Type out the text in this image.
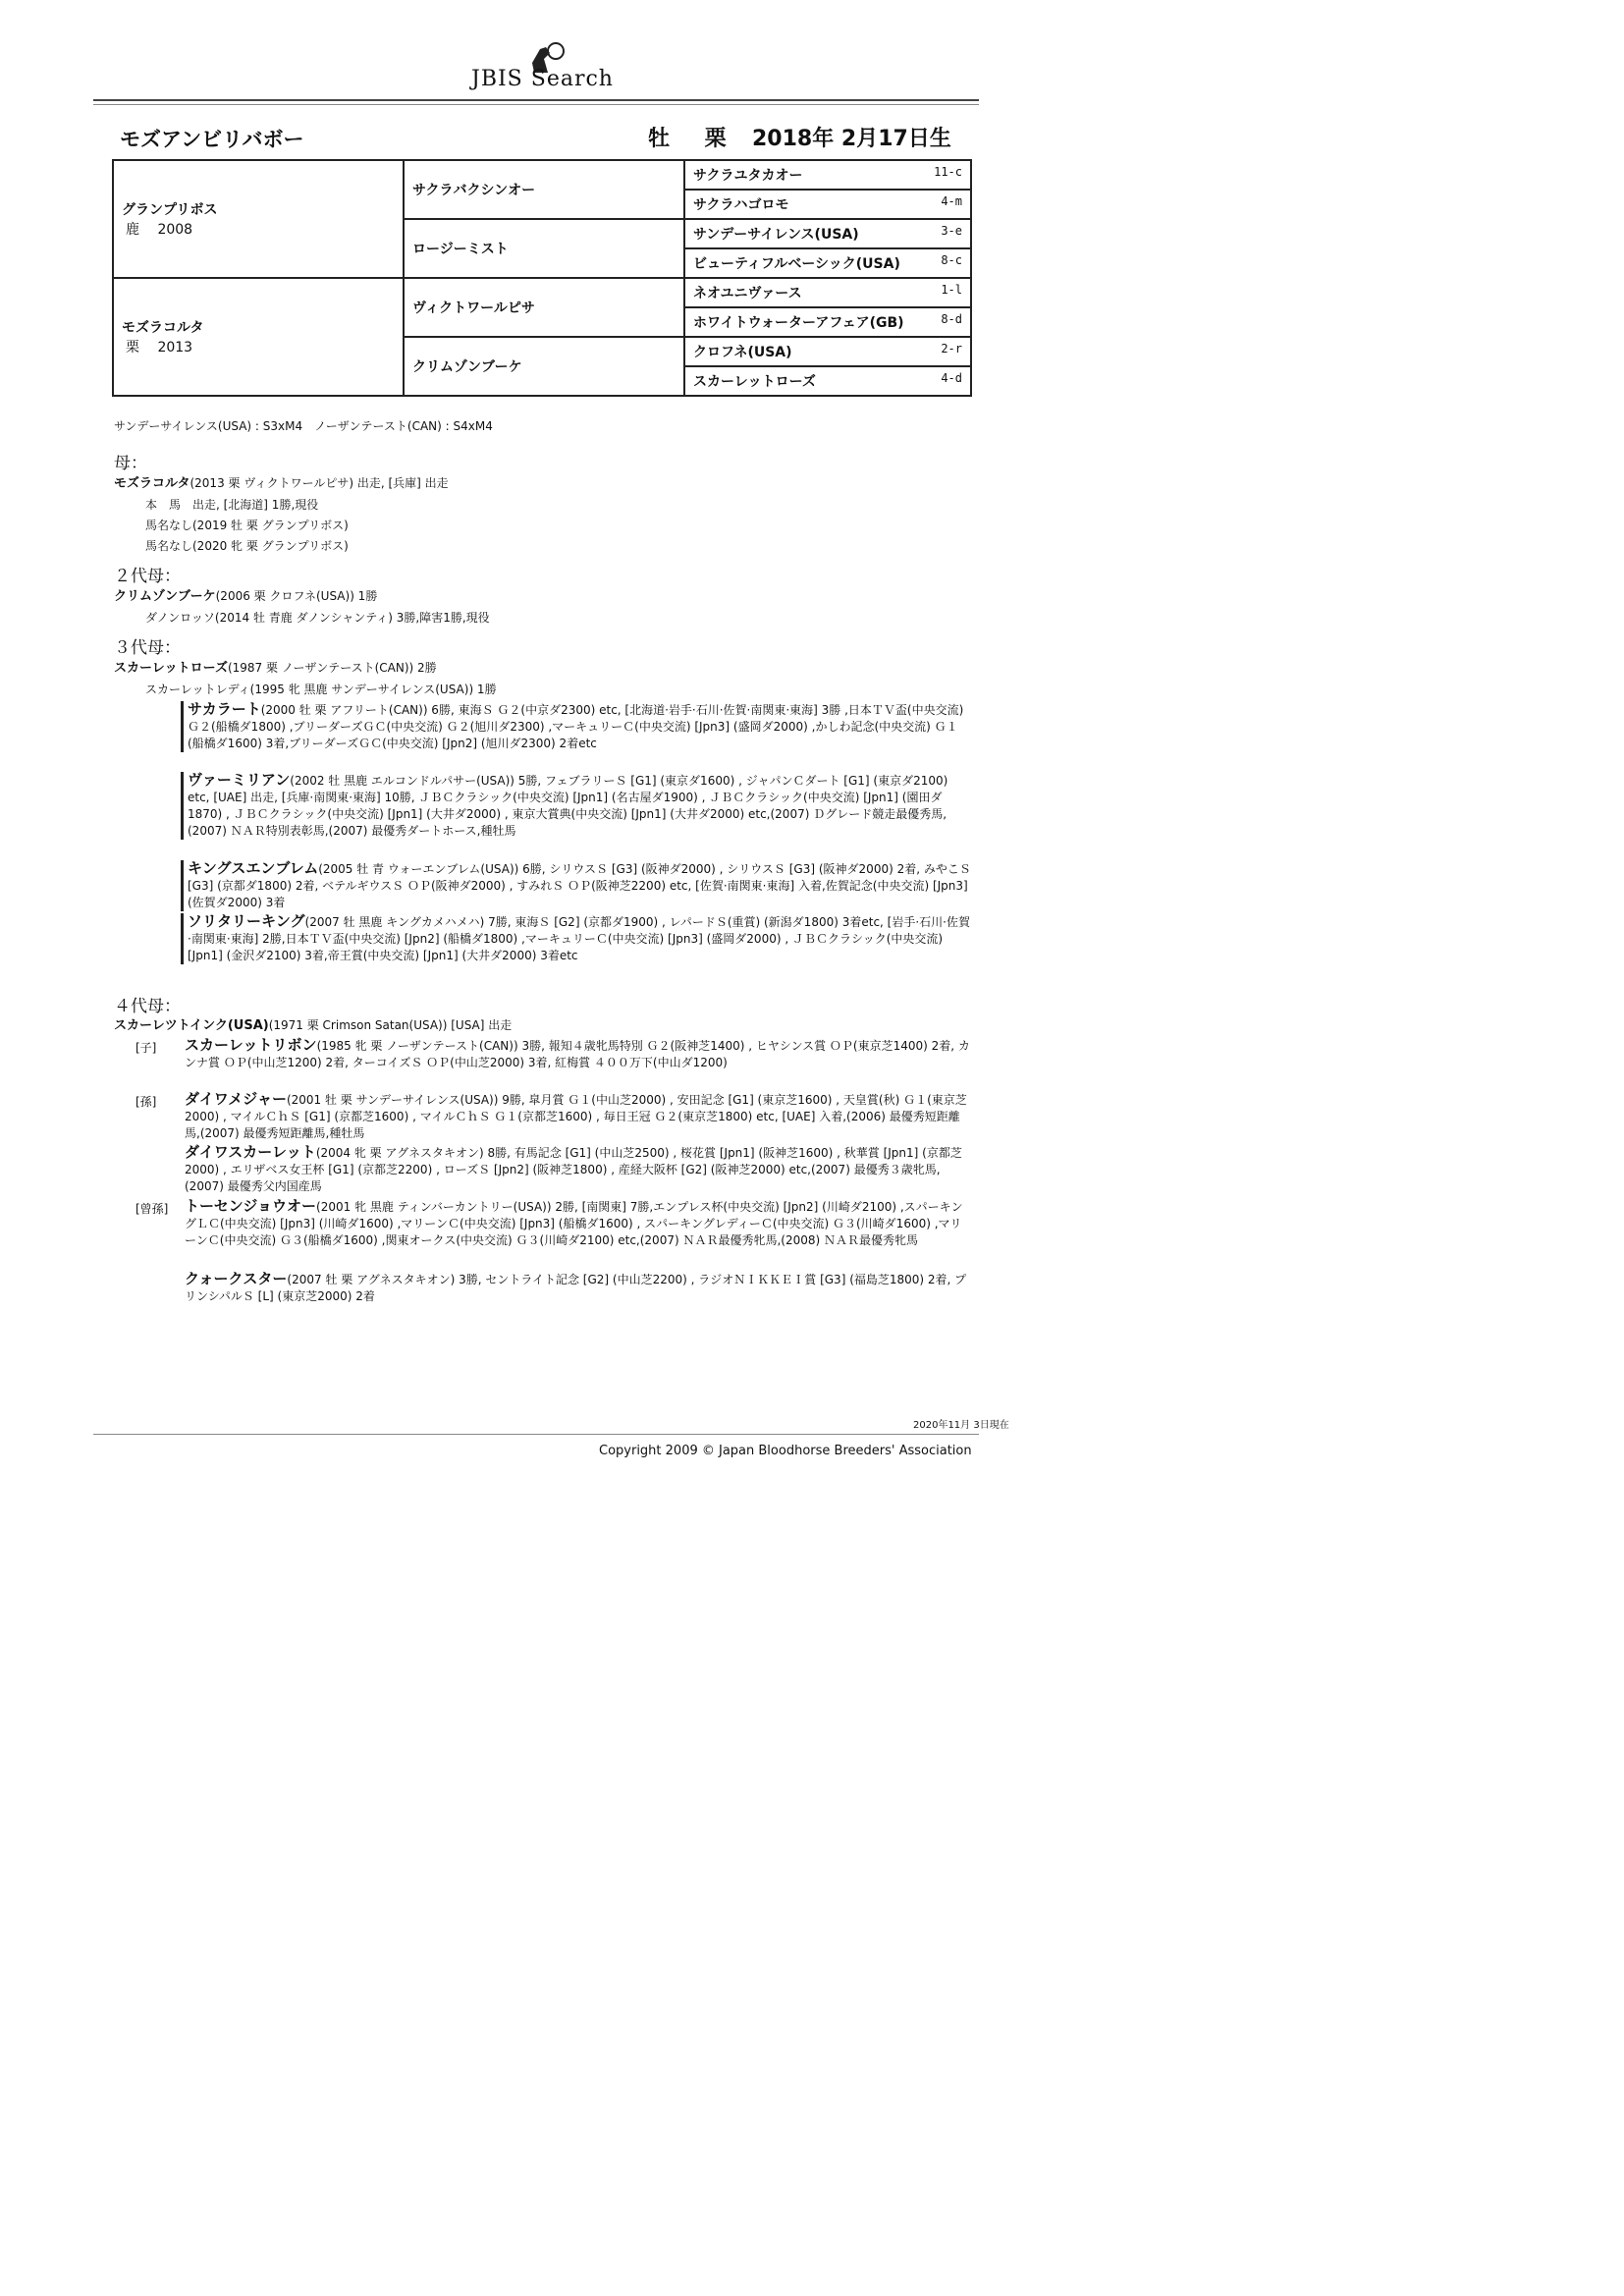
JBIS Search
モズアンビリバボー	牡 栗 2018年 2月17日生
グランプリボス
鹿　 2008	サクラバクシンオー	サクラユタカオー 11-c

		サクラハゴロモ 4-m

	ロージーミスト	サンデーサイレンス(USA) 3-e

		ビューティフルベーシック(USA) 8-c

モズラコルタ
栗　 2013	ヴィクトワールピサ	ネオユニヴァース 1-l

		ホワイトウォーターアフェア(GB) 8-d

	クリムゾンブーケ	クロフネ(USA) 2-r

		スカーレットローズ 4-d
サンデーサイレンス(USA) : S3xM4　ノーザンテースト(CAN) : S4xM4
母：
モズラコルタ(2013 栗 ヴィクトワールピサ) 出走, [兵庫] 出走
本　馬　出走, [北海道] 1勝,現役
馬名なし(2019 牡 栗 グランプリボス)
馬名なし(2020 牝 栗 グランプリボス)
２代母：
クリムゾンブーケ(2006 栗 クロフネ(USA)) 1勝
ダノンロッソ(2014 牡 青鹿 ダノンシャンティ) 3勝,障害1勝,現役
３代母：
スカーレットローズ(1987 栗 ノーザンテースト(CAN)) 2勝
スカーレットレディ(1995 牝 黒鹿 サンデーサイレンス(USA)) 1勝
サカラート(2000 牡 栗 アフリート(CAN)) 6勝, 東海Ｓ Ｇ２(中京ダ2300) etc, [北海道·岩手·石川·佐賀·南関東·東海] 3勝 ,日本ＴＶ盃(中央交流) Ｇ２(船橋ダ1800) ,ブリーダーズＧＣ(中央交流) Ｇ２(旭川ダ2300) ,マーキュリーＣ(中央交流) [Jpn3] (盛岡ダ2000) ,かしわ記念(中央交流) Ｇ１(船橋ダ1600) 3着,ブリーダーズＧＣ(中央交流) [Jpn2] (旭川ダ2300) 2着etc
ヴァーミリアン(2002 牡 黒鹿 エルコンドルパサー(USA)) 5勝, フェブラリーＳ [G1] (東京ダ1600) , ジャパンＣダート [G1] (東京ダ2100) etc, [UAE] 出走, [兵庫·南関東·東海] 10勝, ＪＢＣクラシック(中央交流) [Jpn1] (名古屋ダ1900) , ＪＢＣクラシック(中央交流) [Jpn1] (園田ダ1870) , ＪＢＣクラシック(中央交流) [Jpn1] (大井ダ2000) , 東京大賞典(中央交流) [Jpn1] (大井ダ2000) etc,(2007) Ｄグレード競走最優秀馬,(2007) ＮＡＲ特別表彰馬,(2007) 最優秀ダートホース,種牡馬
キングスエンブレム(2005 牡 青 ウォーエンブレム(USA)) 6勝, シリウスＳ [G3] (阪神ダ2000) , シリウスＳ [G3] (阪神ダ2000) 2着, みやこＳ [G3] (京都ダ1800) 2着, ベテルギウスＳ ＯＰ(阪神ダ2000) , すみれＳ ＯＰ(阪神芝2200) etc, [佐賀·南関東·東海] 入着,佐賀記念(中央交流) [Jpn3] (佐賀ダ2000) 3着
ソリタリーキング(2007 牡 黒鹿 キングカメハメハ) 7勝, 東海Ｓ [G2] (京都ダ1900) , レパードＳ(重賞) (新潟ダ1800) 3着etc, [岩手·石川·佐賀·南関東·東海] 2勝,日本ＴＶ盃(中央交流) [Jpn2] (船橋ダ1800) ,マーキュリーＣ(中央交流) [Jpn3] (盛岡ダ2000) , ＪＢＣクラシック(中央交流) [Jpn1] (金沢ダ2100) 3着,帝王賞(中央交流) [Jpn1] (大井ダ2000) 3着etc
４代母：
スカーレツトインク(USA)(1971 栗 Crimson Satan(USA)) [USA] 出走
[子] スカーレットリボン(1985 牝 栗 ノーザンテースト(CAN)) 3勝, 報知４歳牝馬特別 Ｇ２(阪神芝1400) , ヒヤシンス賞 ＯＰ(東京芝1400) 2着, カンナ賞 ＯＰ(中山芝1200) 2着, ターコイズＳ ＯＰ(中山芝2000) 3着, 紅梅賞 ４００万下(中山ダ1200)
[孫] ダイワメジャー(2001 牡 栗 サンデーサイレンス(USA)) 9勝, 皐月賞 Ｇ１(中山芝2000) , 安田記念 [G1] (東京芝1600) , 天皇賞(秋) Ｇ１(東京芝2000) , マイルＣｈＳ [G1] (京都芝1600) , マイルＣｈＳ Ｇ１(京都芝1600) , 毎日王冠 Ｇ２(東京芝1800) etc, [UAE] 入着,(2006) 最優秀短距離馬,(2007) 最優秀短距離馬,種牡馬
ダイワスカーレット(2004 牝 栗 アグネスタキオン) 8勝, 有馬記念 [G1] (中山芝2500) , 桜花賞 [Jpn1] (阪神芝1600) , 秋華賞 [Jpn1] (京都芝2000) , エリザベス女王杯 [G1] (京都芝2200) , ローズＳ [Jpn2] (阪神芝1800) , 産経大阪杯 [G2] (阪神芝2000) etc,(2007) 最優秀３歳牝馬,(2007) 最優秀父内国産馬
[曾孫] トーセンジョウオー(2001 牝 黒鹿 ティンバーカントリー(USA)) 2勝, [南関東] 7勝,エンプレス杯(中央交流) [Jpn2] (川崎ダ2100) ,スパーキングＬＣ(中央交流) [Jpn3] (川崎ダ1600) ,マリーンＣ(中央交流) [Jpn3] (船橋ダ1600) , スパーキングレディーＣ(中央交流) Ｇ３(川崎ダ1600) ,マリーンＣ(中央交流) Ｇ３(船橋ダ1600) ,関東オークス(中央交流) Ｇ３(川崎ダ2100) etc,(2007) ＮＡＲ最優秀牝馬,(2008) ＮＡＲ最優秀牝馬
クォークスター(2007 牡 栗 アグネスタキオン) 3勝, セントライト記念 [G2] (中山芝2200) , ラジオＮＩＫＫＥＩ賞 [G3] (福島芝1800) 2着, プリンシパルＳ [L] (東京芝2000) 2着
2020年11月 3日現在
Copyright 2009 © Japan Bloodhorse Breeders' Association
